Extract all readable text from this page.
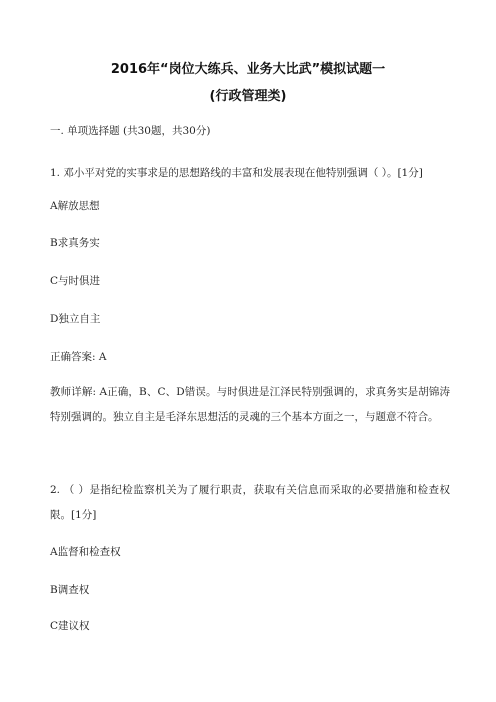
2016年“岗位大练兵、业务大比武”模拟试题一
(行政管理类)
一. 单项选择题 (共30题，共30分)
1. 邓小平对党的实事求是的思想路线的丰富和发展表现在他特别强调（ ）。[1分]
A解放思想
B求真务实
C与时俱进
D独立自主
正确答案: A
教师详解: A正确，B、C、D错误。与时俱进是江泽民特别强调的，求真务实是胡锦涛特别强调的。独立自主是毛泽东思想活的灵魂的三个基本方面之一，与题意不符合。
2. （ ）是指纪检监察机关为了履行职责，获取有关信息而采取的必要措施和检查权限。[1分]
A监督和检查权
B调查权
C建议权
